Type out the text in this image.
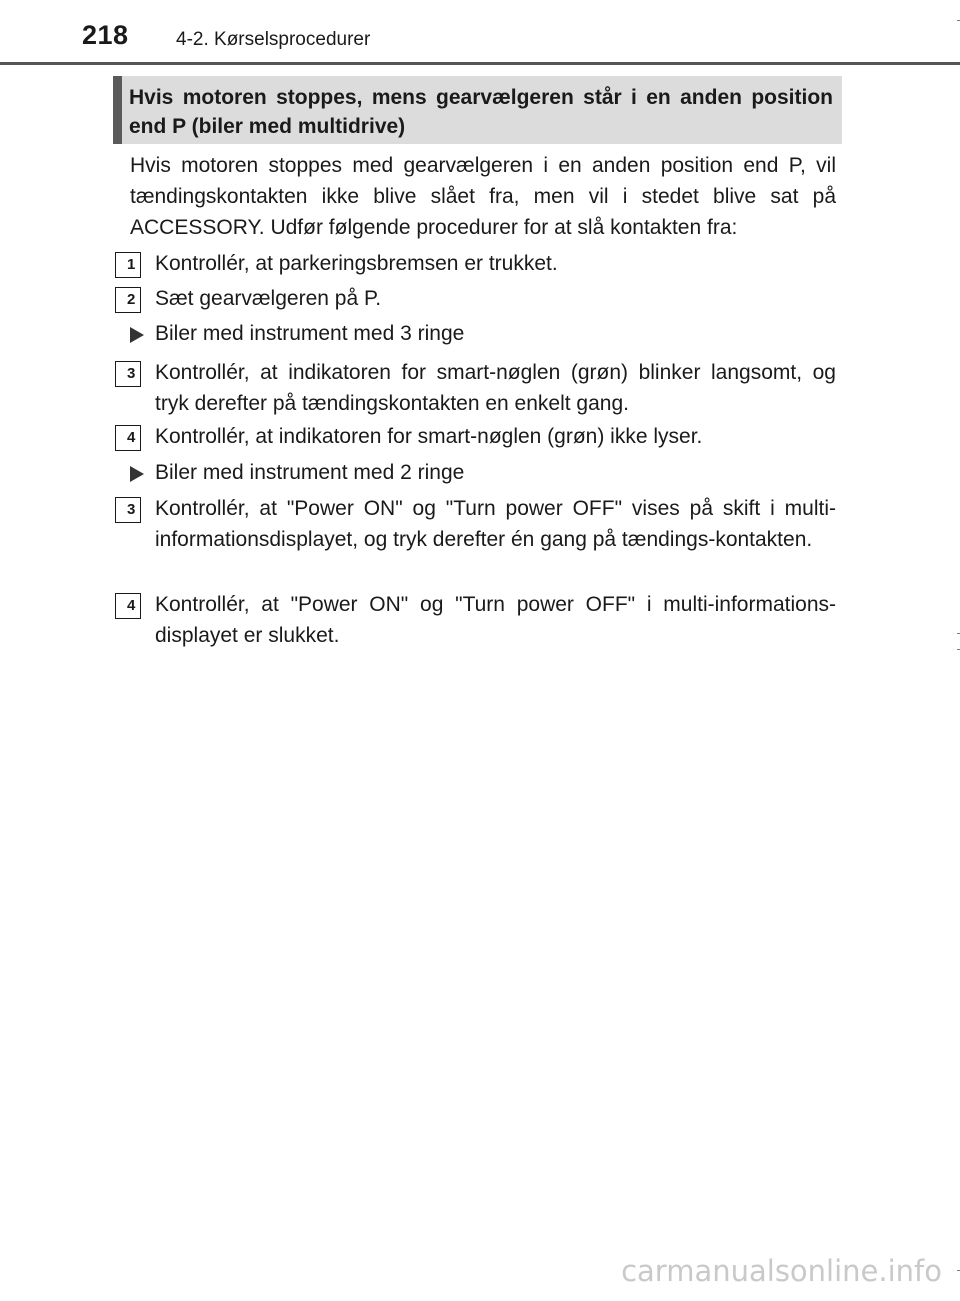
218 4-2. Kørselsprocedurer
Hvis motoren stoppes, mens gearvælgeren står i en anden position end P (biler med multidrive)
Hvis motoren stoppes med gearvælgeren i en anden position end P, vil tændingskontakten ikke blive slået fra, men vil i stedet blive sat på ACCESSORY. Udfør følgende procedurer for at slå kontakten fra:
1 Kontrollér, at parkeringsbremsen er trukket.
2 Sæt gearvælgeren på P.
Biler med instrument med 3 ringe
3 Kontrollér, at indikatoren for smart-nøglen (grøn) blinker langsomt, og tryk derefter på tændingskontakten en enkelt gang.
4 Kontrollér, at indikatoren for smart-nøglen (grøn) ikke lyser.
Biler med instrument med 2 ringe
3 Kontrollér, at "Power ON" og "Turn power OFF" vises på skift i multi-informationsdisplayet, og tryk derefter én gang på tændings-kontakten.
4 Kontrollér, at "Power ON" og "Turn power OFF" i multi-informations-displayet er slukket.
carmanualsonline.info
